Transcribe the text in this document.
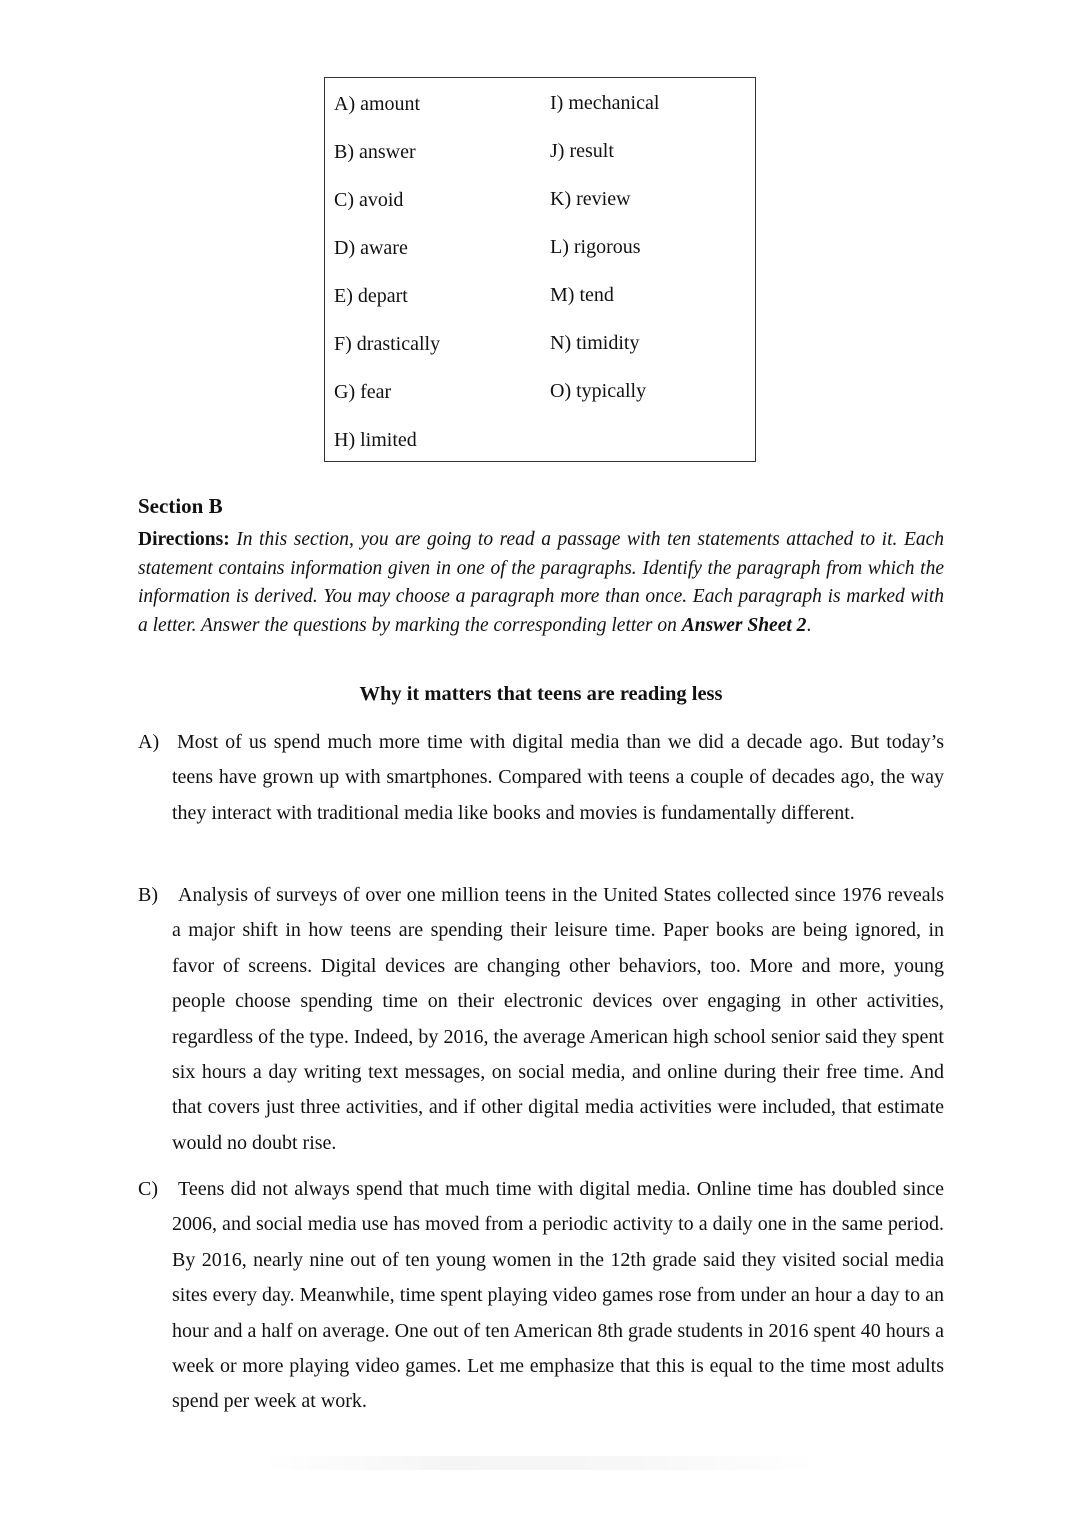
A) amount
B) answer
C) avoid
D) aware
E) depart
F) drastically
G) fear
H) limited
I) mechanical
J) result
K) review
L) rigorous
M) tend
N) timidity
O) typically
Section B
Directions: In this section, you are going to read a passage with ten statements attached to it. Each statement contains information given in one of the paragraphs. Identify the paragraph from which the information is derived. You may choose a paragraph more than once. Each paragraph is marked with a letter. Answer the questions by marking the corresponding letter on Answer Sheet 2.
Why it matters that teens are reading less
A) Most of us spend much more time with digital media than we did a decade ago. But today’s teens have grown up with smartphones. Compared with teens a couple of decades ago, the way they interact with traditional media like books and movies is fundamentally different.
B)	Analysis of surveys of over one million teens in the United States collected since 1976 reveals a major shift in how teens are spending their leisure time. Paper books are being ignored, in favor of screens. Digital devices are changing other behaviors, too. More and more, young people choose spending time on their electronic devices over engaging in other activities, regardless of the type. Indeed, by 2016, the average American high school senior said they spent six hours a day writing text messages, on social media, and online during their free time. And that covers just three activities, and if other digital media activities were included, that estimate would no doubt rise.
C)	Teens did not always spend that much time with digital media. Online time has doubled since 2006, and social media use has moved from a periodic activity to a daily one in the same period. By 2016, nearly nine out of ten young women in the 12th grade said they visited social media sites every day. Meanwhile, time spent playing video games rose from under an hour a day to an hour and a half on average. One out of ten American 8th grade students in 2016 spent 40 hours a week or more playing video games. Let me emphasize that this is equal to the time most adults spend per week at work.
